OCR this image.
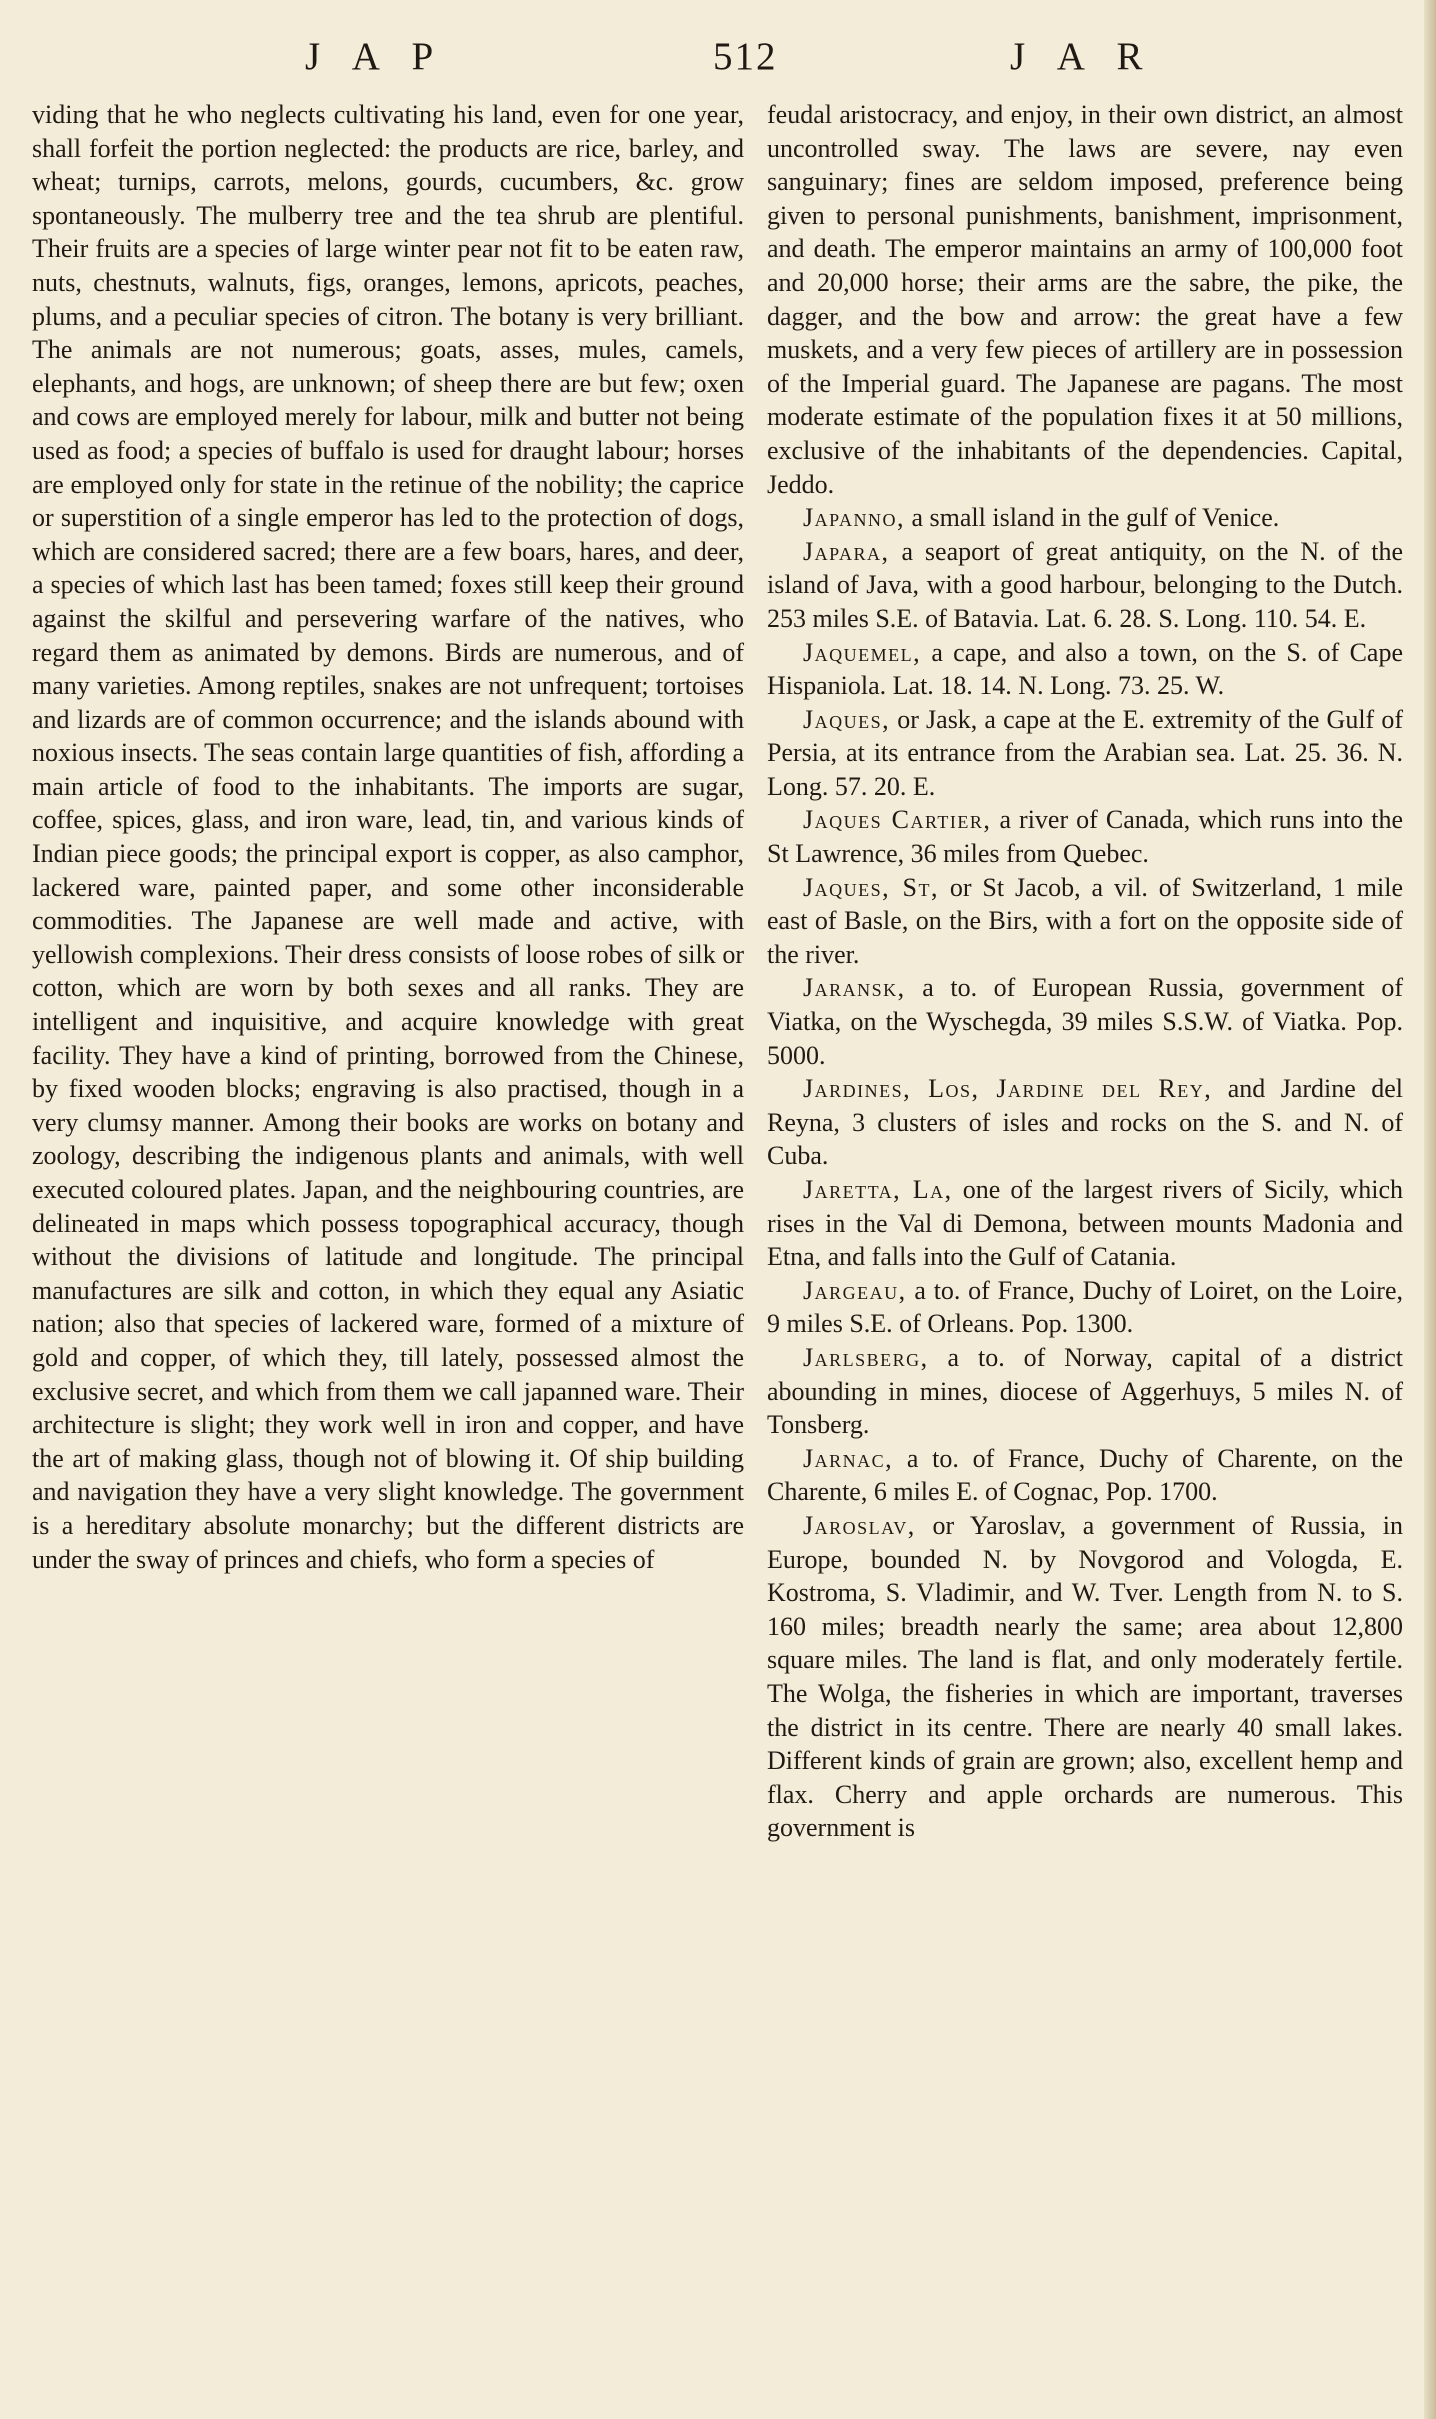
J A P	512	J A R

viding that he who neglects cultivating his land, even for one year, shall forfeit the portion neglected: the products are rice, barley, and wheat; turnips, carrots, melons, gourds, cucumbers, &c. grow spontaneously. The mulberry tree and the tea shrub are plentiful. Their fruits are a species of large winter pear not fit to be eaten raw, nuts, chestnuts, walnuts, figs, oranges, lemons, apricots, peaches, plums, and a peculiar species of citron. The botany is very brilliant. The animals are not numerous; goats, asses, mules, camels, elephants, and hogs, are unknown; of sheep there are but few; oxen and cows are employed merely for labour, milk and butter not being used as food; a species of buffalo is used for draught labour; horses are employed only for state in the retinue of the nobility; the caprice or superstition of a single emperor has led to the protection of dogs, which are considered sacred; there are a few boars, hares, and deer, a species of which last has been tamed; foxes still keep their ground against the skilful and persevering warfare of the natives, who regard them as animated by demons. Birds are numerous, and of many varieties. Among reptiles, snakes are not unfrequent; tortoises and lizards are of common occurrence; and the islands abound with noxious insects. The seas contain large quantities of fish, affording a main article of food to the inhabitants. The imports are sugar, coffee, spices, glass, and iron ware, lead, tin, and various kinds of Indian piece goods; the principal export is copper, as also camphor, lackered ware, painted paper, and some other inconsiderable commodities. The Japanese are well made and active, with yellowish complexions. Their dress consists of loose robes of silk or cotton, which are worn by both sexes and all ranks. They are intelligent and inquisitive, and acquire knowledge with great facility. They have a kind of printing, borrowed from the Chinese, by fixed wooden blocks; engraving is also practised, though in a very clumsy manner. Among their books are works on botany and zoology, describing the indigenous plants and animals, with well executed coloured plates. Japan, and the neighbouring countries, are delineated in maps which possess topographical accuracy, though without the divisions of latitude and longitude. The principal manufactures are silk and cotton, in which they equal any Asiatic nation; also that species of lackered ware, formed of a mixture of gold and copper, of which they, till lately, possessed almost the exclusive secret, and which from them we call japanned ware. Their architecture is slight; they work well in iron and copper, and have the art of making glass, though not of blowing it. Of ship building and navigation they have a very slight knowledge. The government is a hereditary absolute monarchy; but the different districts are under the sway of princes and chiefs, who form a species of

feudal aristocracy, and enjoy, in their own district, an almost uncontrolled sway. The laws are severe, nay even sanguinary; fines are seldom imposed, preference being given to personal punishments, banishment, imprisonment, and death. The emperor maintains an army of 100,000 foot and 20,000 horse; their arms are the sabre, the pike, the dagger, and the bow and arrow: the great have a few muskets, and a very few pieces of artillery are in possession of the Imperial guard. The Japanese are pagans. The most moderate estimate of the population fixes it at 50 millions, exclusive of the inhabitants of the dependencies. Capital, Jeddo.

Japanno, a small island in the gulf of Venice.

Japara, a seaport of great antiquity, on the N. of the island of Java, with a good harbour, belonging to the Dutch. 253 miles S.E. of Batavia. Lat. 6. 28. S. Long. 110. 54. E.

Jaquemel, a cape, and also a town, on the S. of Cape Hispaniola. Lat. 18. 14. N. Long. 73. 25. W.

Jaques, or Jask, a cape at the E. extremity of the Gulf of Persia, at its entrance from the Arabian sea. Lat. 25. 36. N. Long. 57. 20. E.

Jaques Cartier, a river of Canada, which runs into the St Lawrence, 36 miles from Quebec.

Jaques, St, or St Jacob, a vil. of Switzerland, 1 mile east of Basle, on the Birs, with a fort on the opposite side of the river.

Jaransk, a to. of European Russia, government of Viatka, on the Wyschegda, 39 miles S.S.W. of Viatka. Pop. 5000.

Jardines, Los, Jardine del Rey, and Jardine del Reyna, 3 clusters of isles and rocks on the S. and N. of Cuba.

Jaretta, La, one of the largest rivers of Sicily, which rises in the Val di Demona, between mounts Madonia and Etna, and falls into the Gulf of Catania.

Jargeau, a to. of France, Duchy of Loiret, on the Loire, 9 miles S.E. of Orleans. Pop. 1300.

Jarlsberg, a to. of Norway, capital of a district abounding in mines, diocese of Aggerhuys, 5 miles N. of Tonsberg.

Jarnac, a to. of France, Duchy of Charente, on the Charente, 6 miles E. of Cognac, Pop. 1700.

Jaroslav, or Yaroslav, a government of Russia, in Europe, bounded N. by Novgorod and Vologda, E. Kostroma, S. Vladimir, and W. Tver. Length from N. to S. 160 miles; breadth nearly the same; area about 12,800 square miles. The land is flat, and only moderately fertile. The Wolga, the fisheries in which are important, traverses the district in its centre. There are nearly 40 small lakes. Different kinds of grain are grown; also, excellent hemp and flax. Cherry and apple orchards are numerous. This government is
